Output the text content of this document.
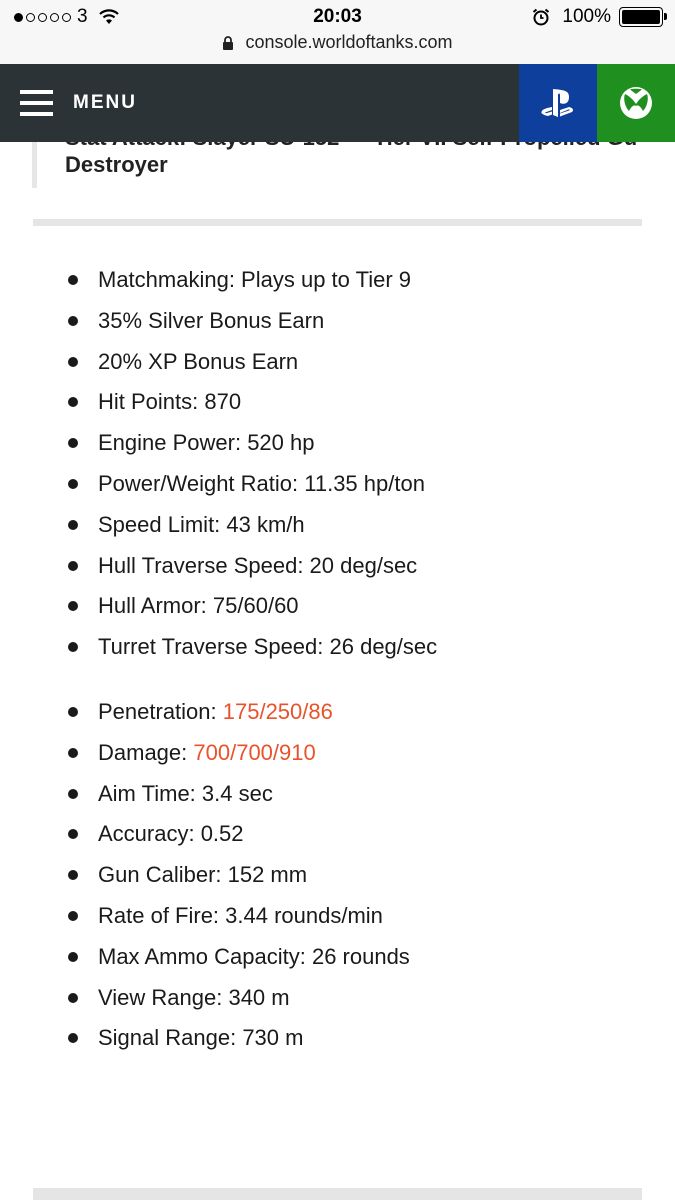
3	20:03	100%
console.worldoftanks.com
MENU
Destroyer
Matchmaking: Plays up to Tier 9
35% Silver Bonus Earn
20% XP Bonus Earn
Hit Points: 870
Engine Power: 520 hp
Power/Weight Ratio: 11.35 hp/ton
Speed Limit: 43 km/h
Hull Traverse Speed: 20 deg/sec
Hull Armor: 75/60/60
Turret Traverse Speed: 26 deg/sec
Penetration: 175/250/86
Damage: 700/700/910
Aim Time: 3.4 sec
Accuracy: 0.52
Gun Caliber: 152 mm
Rate of Fire: 3.44 rounds/min
Max Ammo Capacity: 26 rounds
View Range: 340 m
Signal Range: 730 m
